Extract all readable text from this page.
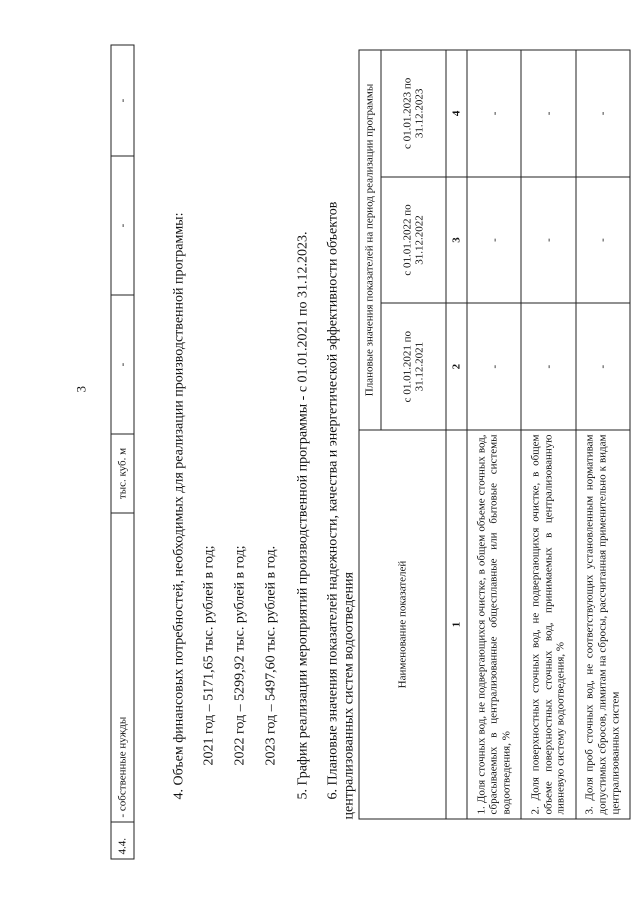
3
4.4.	- собственные нужды	тыс. куб. м	-	-	-
4. Объем финансовых потребностей, необходимых для реализации производственной программы: 2021 год – 5171,65 тыс. рублей в год; 2022 год – 5299,92 тыс. рублей в год; 2023 год – 5497,60 тыс. рублей в год. 5. График реализации мероприятий производственной программы - с 01.01.2021 по 31.12.2023. 6. Плановые значения показателей надежности, качества и энергетической эффективности объектов централизованных систем водоотведения	Наименование показателей	Плановые значения показателей на период реализации программы		
	с 01.01.2021 по 31.12.2021	с 01.01.2022 по 31.12.2022	с 01.01.2023 по 31.12.2023
1	2	3	4
1. Доля сточных вод, не подвергающихся очистке, в общем объеме сточных вод, сбрасываемых в централизованные общесплавные или бытовые системы водоотведения, %	-	-	-
2. Доля поверхностных сточных вод, не подвергающихся очистке, в общем объеме поверхностных сточных вод, принимаемых в централизованную ливневую систему водоотведения, %	-	-	-
3. Доля проб сточных вод, не соответствующих установленным нормативам допустимых сбросов, лимитам на сбросы, рассчитанная применительно к видам централизованных систем	-	-	-
